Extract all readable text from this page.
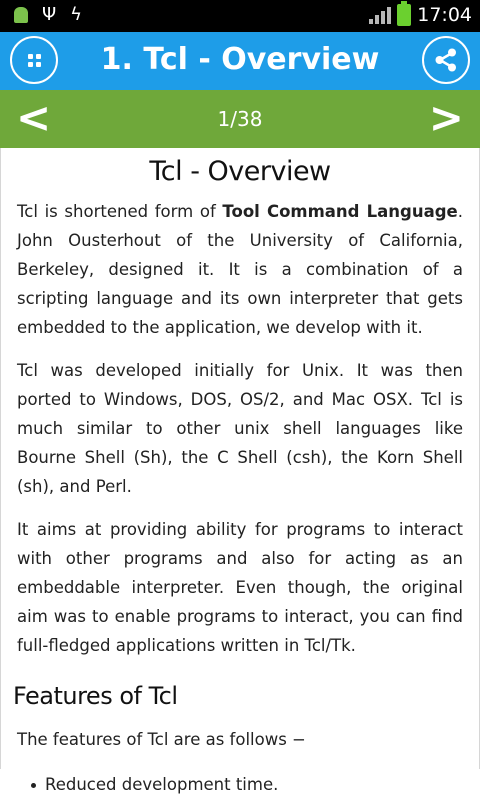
Ψ ϟ	17:04
1. Tcl - Overview
<	1/38	>
Tcl - Overview

Tcl is shortened form of Tool Command Language. John Ousterhout of the University of California, Berkeley, designed it. It is a combination of a scripting language and its own interpreter that gets embedded to the application, we develop with it.

Tcl was developed initially for Unix. It was then ported to Windows, DOS, OS/2, and Mac OSX. Tcl is much similar to other unix shell languages like Bourne Shell (Sh), the C Shell (csh), the Korn Shell (sh), and Perl.

It aims at providing ability for programs to interact with other programs and also for acting as an embeddable interpreter. Even though, the original aim was to enable programs to interact, you can find full-fledged applications written in Tcl/Tk.

Features of Tcl

The features of Tcl are as follows −

Reduced development time.
